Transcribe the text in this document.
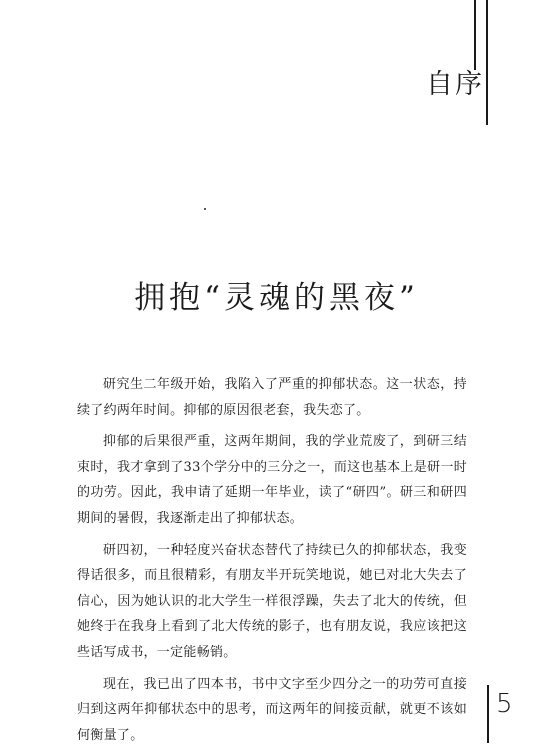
自序
拥抱“灵魂的黑夜”

研究生二年级开始，我陷入了严重的抑郁状态。这一状态，持续了约两年时间。抑郁的原因很老套，我失恋了。

抑郁的后果很严重，这两年期间，我的学业荒废了，到研三结束时，我才拿到了33个学分中的三分之一，而这也基本上是研一时的功劳。因此，我申请了延期一年毕业，读了“研四”。研三和研四期间的暑假，我逐渐走出了抑郁状态。

研四初，一种轻度兴奋状态替代了持续已久的抑郁状态，我变得话很多，而且很精彩，有朋友半开玩笑地说，她已对北大失去了信心，因为她认识的北大学生一样很浮躁，失去了北大的传统，但她终于在我身上看到了北大传统的影子，也有朋友说，我应该把这些话写成书，一定能畅销。

现在，我已出了四本书，书中文字至少四分之一的功劳可直接归到这两年抑郁状态中的思考，而这两年的间接贡献，就更不该如何衡量了。

5
